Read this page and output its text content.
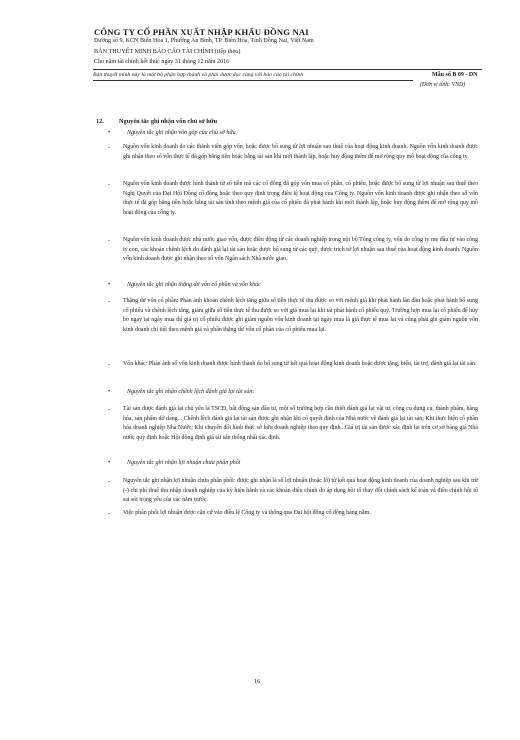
CÔNG TY CỔ PHẦN XUẤT NHẬP KHẨU ĐỒNG NAI
Đường số 9, KCN Biên Hòa 1, Phường An Bình, TP. Biên Hòa, Tỉnh Đồng Nai, Việt Nam
BẢN THUYẾT MINH BÁO CÁO TÀI CHÍNH (tiếp theo)
Cho năm tài chính kết thúc ngày 31 tháng 12 năm 2016
Bản thuyết minh này là một bộ phận hợp thành và phải được đọc cùng với báo cáo tài chính	Mẫu số B 09 - DN
(Đơn vị tính: VND)
12. Nguyên tắc ghi nhận vốn chủ sở hữu
•	Nguyên tắc ghi nhận vốn góp của chủ sở hữu
- Nguồn vốn kinh doanh do các thành viên góp vốn, hoặc được bổ sung từ lợi nhuận sau thuế của hoạt động kinh doanh. Nguồn vốn kinh doanh được ghi nhận theo số vốn thực tế đã góp bằng tiền hoặc bằng tài sản khi mới thành lập, hoặc huy động thêm để mở rộng quy mô hoạt động của công ty.
- Nguồn vốn kinh doanh được hình thành từ số tiền mà các cổ đông đã góp vốn mua cổ phần, cổ phiếu, hoặc được bổ sung từ lợi nhuận sau thuế theo Nghị Quyết của Đại Hội Đồng cổ đông hoặc theo quy định trong điều lệ hoạt động của Công ty. Nguồn vốn kinh doanh được ghi nhận theo số vốn thực tế đã góp bằng tiền hoặc bằng tài sản tính theo mệnh giá của cổ phiếu đã phát hành khi mới thành lập, hoặc huy động thêm để mở rộng quy mô hoạt động của công ty.
- Nguồn vốn kinh doanh được nhà nước giao vốn, được điều động từ các doanh nghiệp trong nội bộ Tổng công ty, vốn do công ty mẹ đầu tư vào công ty con, các khoản chênh lệch do đánh giá lại tài sản hoặc được bổ sung từ các quỹ, được trích từ lợi nhuận sau thuế của hoạt động kinh doanh. Nguồn vốn kinh doanh được ghi nhận theo số vốn Ngân sách Nhà nước giao.
•	Nguyên tắc ghi nhận thặng dư vốn cổ phần và vốn khác
- Thặng dư vốn cổ phần: Phản ánh khoản chênh lệch tăng giữa số tiền thực tế thu được so với mệnh giá khi phát hành lần đầu hoặc phát hành bổ sung cổ phiếu và chênh lệch tăng, giảm giữa số tiền thực tế thu được so với giá mua lại khi tái phát hành cổ phiếu quỹ. Trường hợp mua lại cổ phiếu để hủy bỏ ngay tại ngày mua thì giá trị cổ phiếu được ghi giảm nguồn vốn kinh doanh tại ngày mua là giá thực tế mua lại và cũng phải ghi giảm nguồn vốn kinh doanh chi tiết theo mệnh giá và phần thặng dư vốn cổ phần của cổ phiếu mua lại.
- Vốn khác: Phản ánh số vốn kinh doanh được hình thành do bổ sung từ kết quả hoạt động kinh doanh hoặc được tặng, biếu, tài trợ, đánh giá lại tài sản.
•	Nguyên tắc ghi nhận chênh lệch đánh giá lại tài sản:
- Tài sản được đánh giá lại chủ yếu là TSCĐ, bất động sản đầu tư, một số trường hợp cần thiết đánh giá lại vật tư, công cụ dụng cụ, thành phẩm, hàng hóa, sản phẩm dở dang... Chênh lệch đánh giá lại tài sản được ghi nhận khi có quyết định của Nhà nước về đánh giá lại tài sản; Khi thực hiện cổ phần hóa doanh nghiệp Nhà Nước; Khi chuyển đổi hình thức sở hữu doanh nghiệp theo quy định...Giá trị tài sản được xác định lại trên cơ sở bảng giá Nhà nước quy định hoặc Hội đồng định giá tài sản thống nhất xác định.
•	Nguyên tắc ghi nhận lợi nhuận chưa phân phối
- Nguyên tắc ghi nhận lợi nhuận chưa phân phối: được ghi nhận là số lợi nhuận (hoặc lỗ) từ kết quả hoạt động kinh doanh của doanh nghiệp sau khi trừ (-) chi phí thuế thu nhập doanh nghiệp của kỳ hiện hành và các khoản điều chỉnh do áp dụng hồi tố thay đổi chính sách kế toán và điều chỉnh hồi tố sai sót trọng yếu của các năm trước.
- Việc phân phối lợi nhuận được căn cứ vào điều lệ Công ty và thông qua Đại hội đồng cổ đông hàng năm.
16
